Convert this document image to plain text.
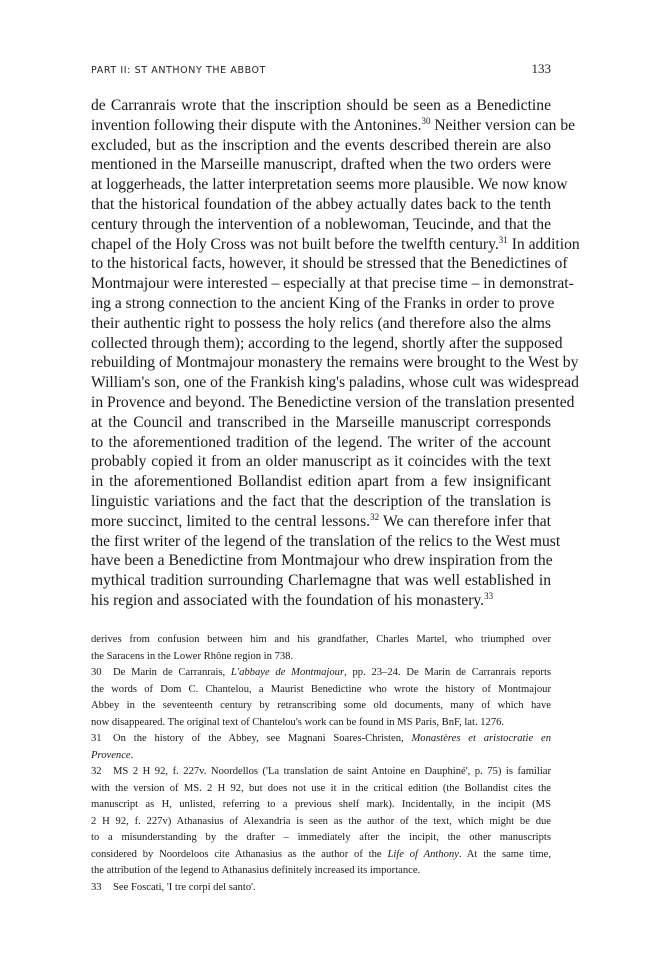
PART II: ST ANTHONY THE ABBOT	133

de Carranrais wrote that the inscription should be seen as a Benedictine
invention following their dispute with the Antonines.$^{30}$ Neither version can be
excluded, but as the inscription and the events described therein are also
mentioned in the Marseille manuscript, drafted when the two orders were
at loggerheads, the latter interpretation seems more plausible. We now know
that the historical foundation of the abbey actually dates back to the tenth
century through the intervention of a noblewoman, Teucinde, and that the
chapel of the Holy Cross was not built before the twelfth century.$^{31}$ In addition
to the historical facts, however, it should be stressed that the Benedictines of
Montmajour were interested – especially at that precise time – in demonstrat-
ing a strong connection to the ancient King of the Franks in order to prove
their authentic right to possess the holy relics (and therefore also the alms
collected through them); according to the legend, shortly after the supposed
rebuilding of Montmajour monastery the remains were brought to the West by
William's son, one of the Frankish king's paladins, whose cult was widespread
in Provence and beyond. The Benedictine version of the translation presented
at the Council and transcribed in the Marseille manuscript corresponds
to the aforementioned tradition of the legend. The writer of the account
probably copied it from an older manuscript as it coincides with the text
in the aforementioned Bollandist edition apart from a few insignificant
linguistic variations and the fact that the description of the translation is
more succinct, limited to the central lessons.$^{32}$ We can therefore infer that
the first writer of the legend of the translation of the relics to the West must
have been a Benedictine from Montmajour who drew inspiration from the
mythical tradition surrounding Charlemagne that was well established in
his region and associated with the foundation of his monastery.$^{33}$

derives from confusion between him and his grandfather, Charles Martel, who triumphed over
the Saracens in the Lower Rhône region in 738.
30 De Marin de Carranrais, L'abbaye de Montmajour, pp. 23–24. De Marin de Carranrais reports
the words of Dom C. Chantelou, a Maurist Benedictine who wrote the history of Montmajour
Abbey in the seventeenth century by retranscribing some old documents, many of which have
now disappeared. The original text of Chantelou's work can be found in MS Paris, BnF, lat. 1276.
31 On the history of the Abbey, see Magnani Soares-Christen, Monastères et aristocratie en
Provence.
32 MS 2 H 92, f. 227v. Noordellos ('La translation de saint Antoine en Dauphiné', p. 75) is familiar
with the version of MS. 2 H 92, but does not use it in the critical edition (the Bollandist cites the
manuscript as H, unlisted, referring to a previous shelf mark). Incidentally, in the incipit (MS
2 H 92, f. 227v) Athanasius of Alexandria is seen as the author of the text, which might be due
to a misunderstanding by the drafter – immediately after the incipit, the other manuscripts
considered by Noordeloos cite Athanasius as the author of the Life of Anthony. At the same time,
the attribution of the legend to Athanasius definitely increased its importance.
33 See Foscati, 'I tre corpi del santo'.
